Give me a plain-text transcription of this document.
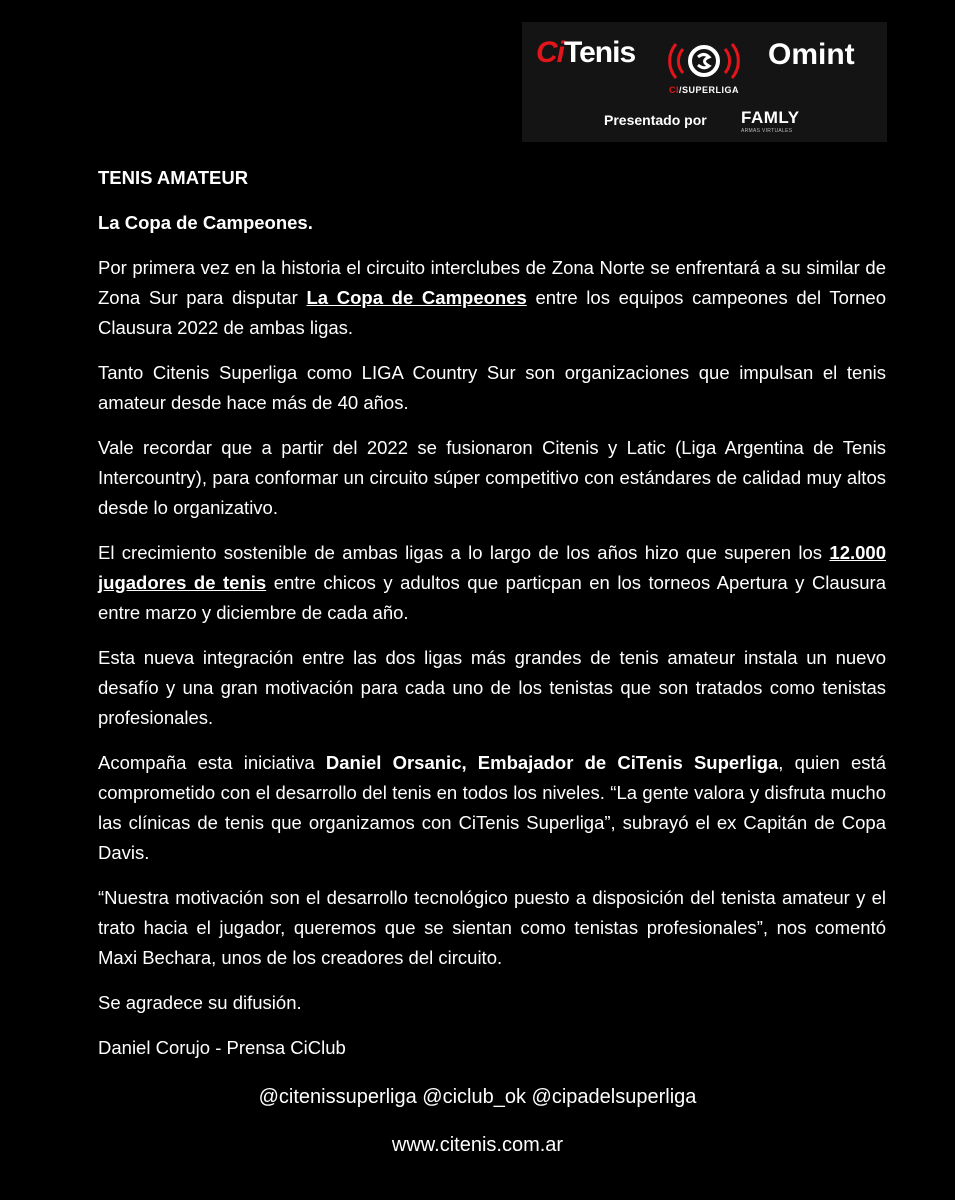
CiTenis
CI/SUPERLIGA
Omint
Presentado por FAMLY
ARMAS VIRTUALES

TENIS AMATEUR

La Copa de Campeones.

Por primera vez en la historia el circuito interclubes de Zona Norte se enfrentará a su similar de Zona Sur para disputar La Copa de Campeones entre los equipos campeones del Torneo Clausura 2022 de ambas ligas.

Tanto Citenis Superliga como LIGA Country Sur son organizaciones que impulsan el tenis amateur desde hace más de 40 años.

Vale recordar que a partir del 2022 se fusionaron Citenis y Latic (Liga Argentina de Tenis Intercountry), para conformar un circuito súper competitivo con estándares de calidad muy altos desde lo organizativo.

El crecimiento sostenible de ambas ligas a lo largo de los años hizo que superen los 12.000 jugadores de tenis entre chicos y adultos que particpan en los torneos Apertura y Clausura entre marzo y diciembre de cada año.

Esta nueva integración entre las dos ligas más grandes de tenis amateur instala un nuevo desafío y una gran motivación para cada uno de los tenistas que son tratados como tenistas profesionales.

Acompaña esta iniciativa Daniel Orsanic, Embajador de CiTenis Superliga, quien está comprometido con el desarrollo del tenis en todos los niveles. “La gente valora y disfruta mucho las clínicas de tenis que organizamos con CiTenis Superliga”, subrayó el ex Capitán de Copa Davis.

“Nuestra motivación son el desarrollo tecnológico puesto a disposición del tenista amateur y el trato hacia el jugador, queremos que se sientan como tenistas profesionales”, nos comentó Maxi Bechara, unos de los creadores del circuito.

Se agradece su difusión.

Daniel Corujo - Prensa CiClub

@citenissuperliga @ciclub_ok @cipadelsuperliga
www.citenis.com.ar
